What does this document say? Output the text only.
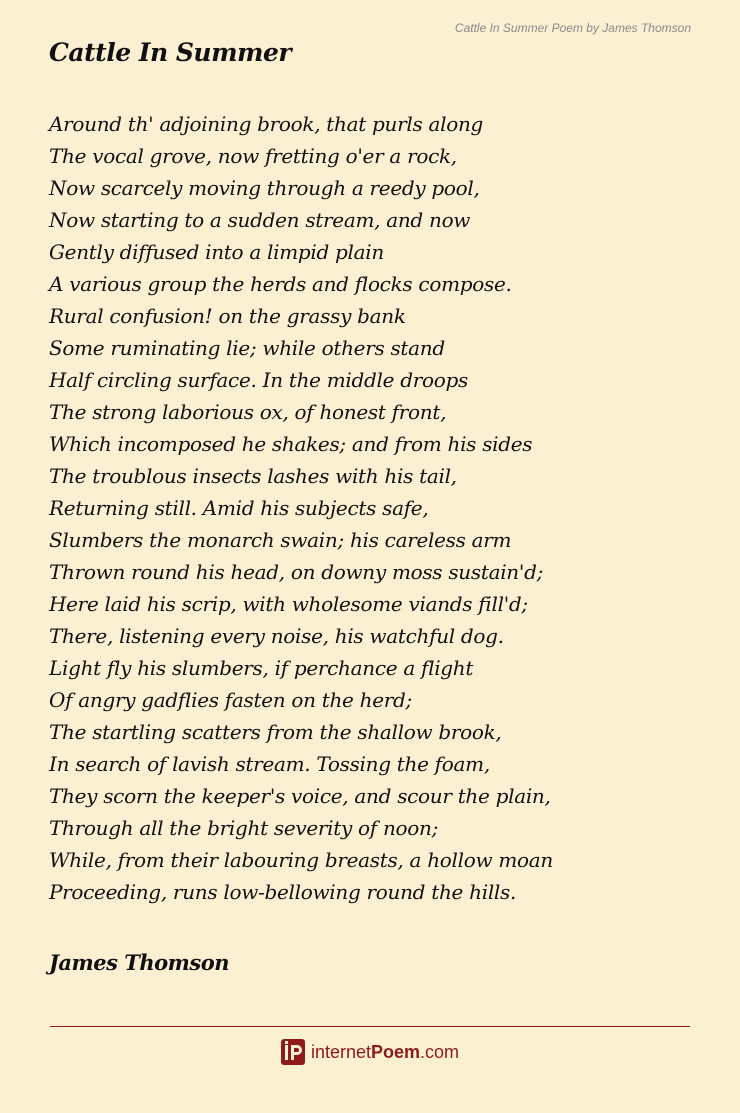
Cattle In Summer Poem by James Thomson
Cattle In Summer
Around th' adjoining brook, that purls along
The vocal grove, now fretting o'er a rock,
Now scarcely moving through a reedy pool,
Now starting to a sudden stream, and now
Gently diffused into a limpid plain
A various group the herds and flocks compose.
Rural confusion! on the grassy bank
Some ruminating lie; while others stand
Half circling surface. In the middle droops
The strong laborious ox, of honest front,
Which incomposed he shakes; and from his sides
The troublous insects lashes with his tail,
Returning still. Amid his subjects safe,
Slumbers the monarch swain; his careless arm
Thrown round his head, on downy moss sustain'd;
Here laid his scrip, with wholesome viands fill'd;
There, listening every noise, his watchful dog.
Light fly his slumbers, if perchance a flight
Of angry gadflies fasten on the herd;
The startling scatters from the shallow brook,
In search of lavish stream. Tossing the foam,
They scorn the keeper's voice, and scour the plain,
Through all the bright severity of noon;
While, from their labouring breasts, a hollow moan
Proceeding, runs low-bellowing round the hills.
James Thomson
internet Poem .com
